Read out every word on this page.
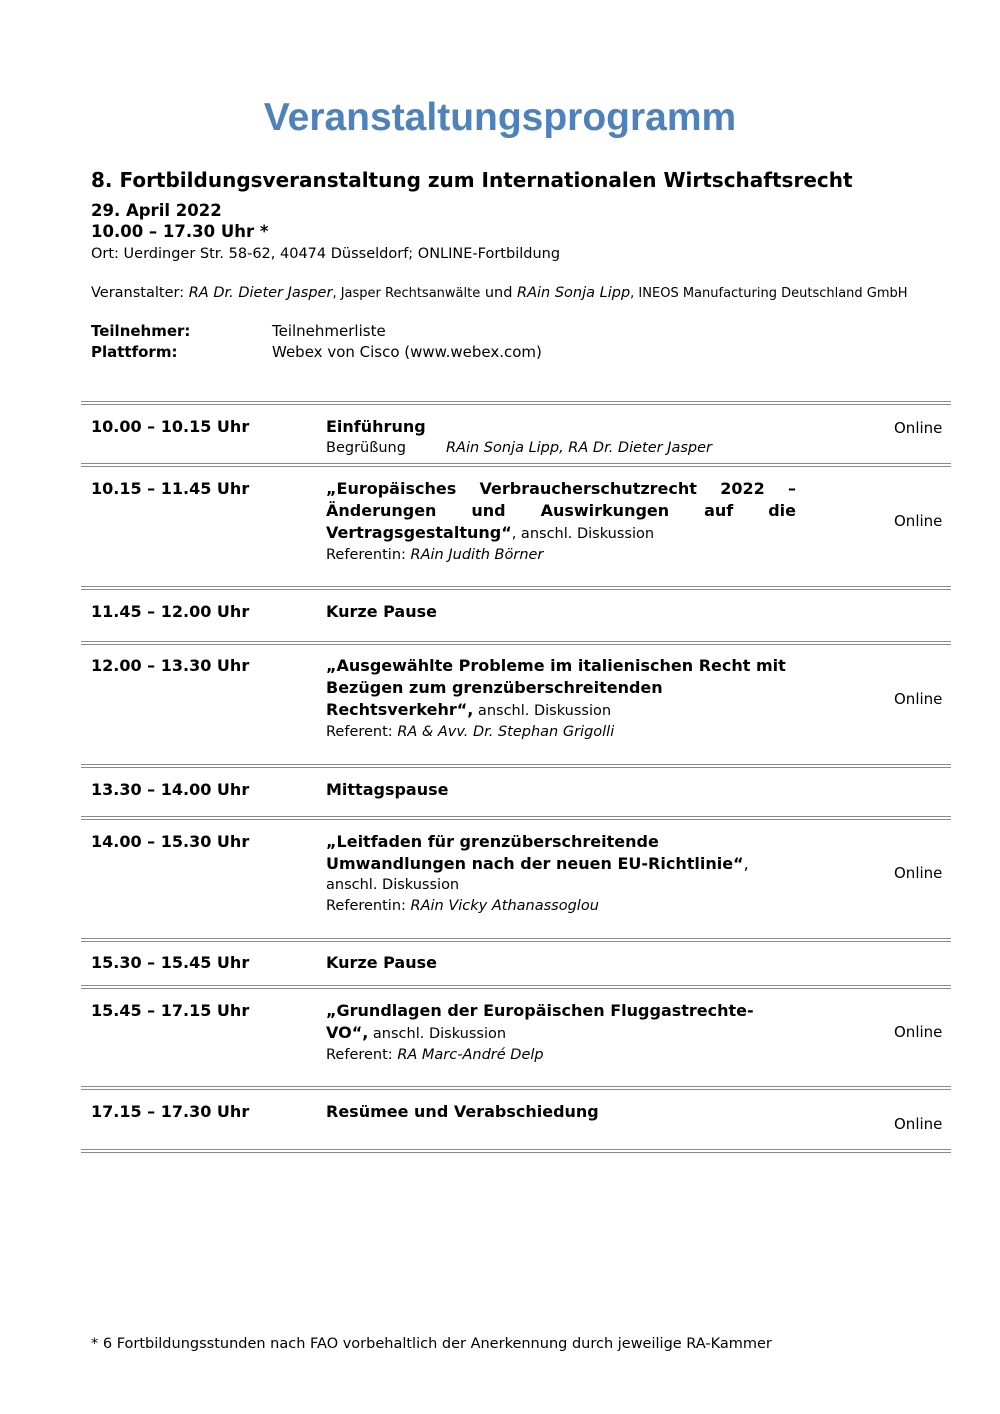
Veranstaltungsprogramm
8. Fortbildungsveranstaltung zum Internationalen Wirtschaftsrecht
29. April 2022
10.00 – 17.30 Uhr *
Ort: Uerdinger Str. 58-62, 40474 Düsseldorf; ONLINE-Fortbildung
Veranstalter: RA Dr. Dieter Jasper, Jasper Rechtsanwälte und RAin Sonja Lipp, INEOS Manufacturing Deutschland GmbH
Teilnehmer:	Teilnehmerliste
Plattform:	Webex von Cisco (www.webex.com)
10.00 – 10.15 Uhr	Einführung
Begrüßung	RAin Sonja Lipp, RA Dr. Dieter Jasper
Online
10.15 – 11.45 Uhr	„Europäisches Verbraucherschutzrecht 2022 –
Änderungen und Auswirkungen auf die
Vertragsgestaltung“, anschl. Diskussion
Referentin: RAin Judith Börner
Online
11.45 – 12.00 Uhr	Kurze Pause
12.00 – 13.30 Uhr	„Ausgewählte Probleme im italienischen Recht mit Bezügen zum grenzüberschreitenden Rechtsverkehr“, anschl. Diskussion
Referent: RA & Avv. Dr. Stephan Grigolli
Online
13.30 – 14.00 Uhr	Mittagspause
14.00 – 15.30 Uhr	„Leitfaden für grenzüberschreitende Umwandlungen nach der neuen EU-Richtlinie“,
anschl. Diskussion
Referentin: RAin Vicky Athanassoglou
Online
15.30 – 15.45 Uhr	Kurze Pause
15.45 – 17.15 Uhr	„Grundlagen der Europäischen Fluggastrechte-VO“, anschl. Diskussion
Referent: RA Marc-André Delp
Online
17.15 – 17.30 Uhr	Resümee und Verabschiedung
Online
* 6 Fortbildungsstunden nach FAO vorbehaltlich der Anerkennung durch jeweilige RA-Kammer
